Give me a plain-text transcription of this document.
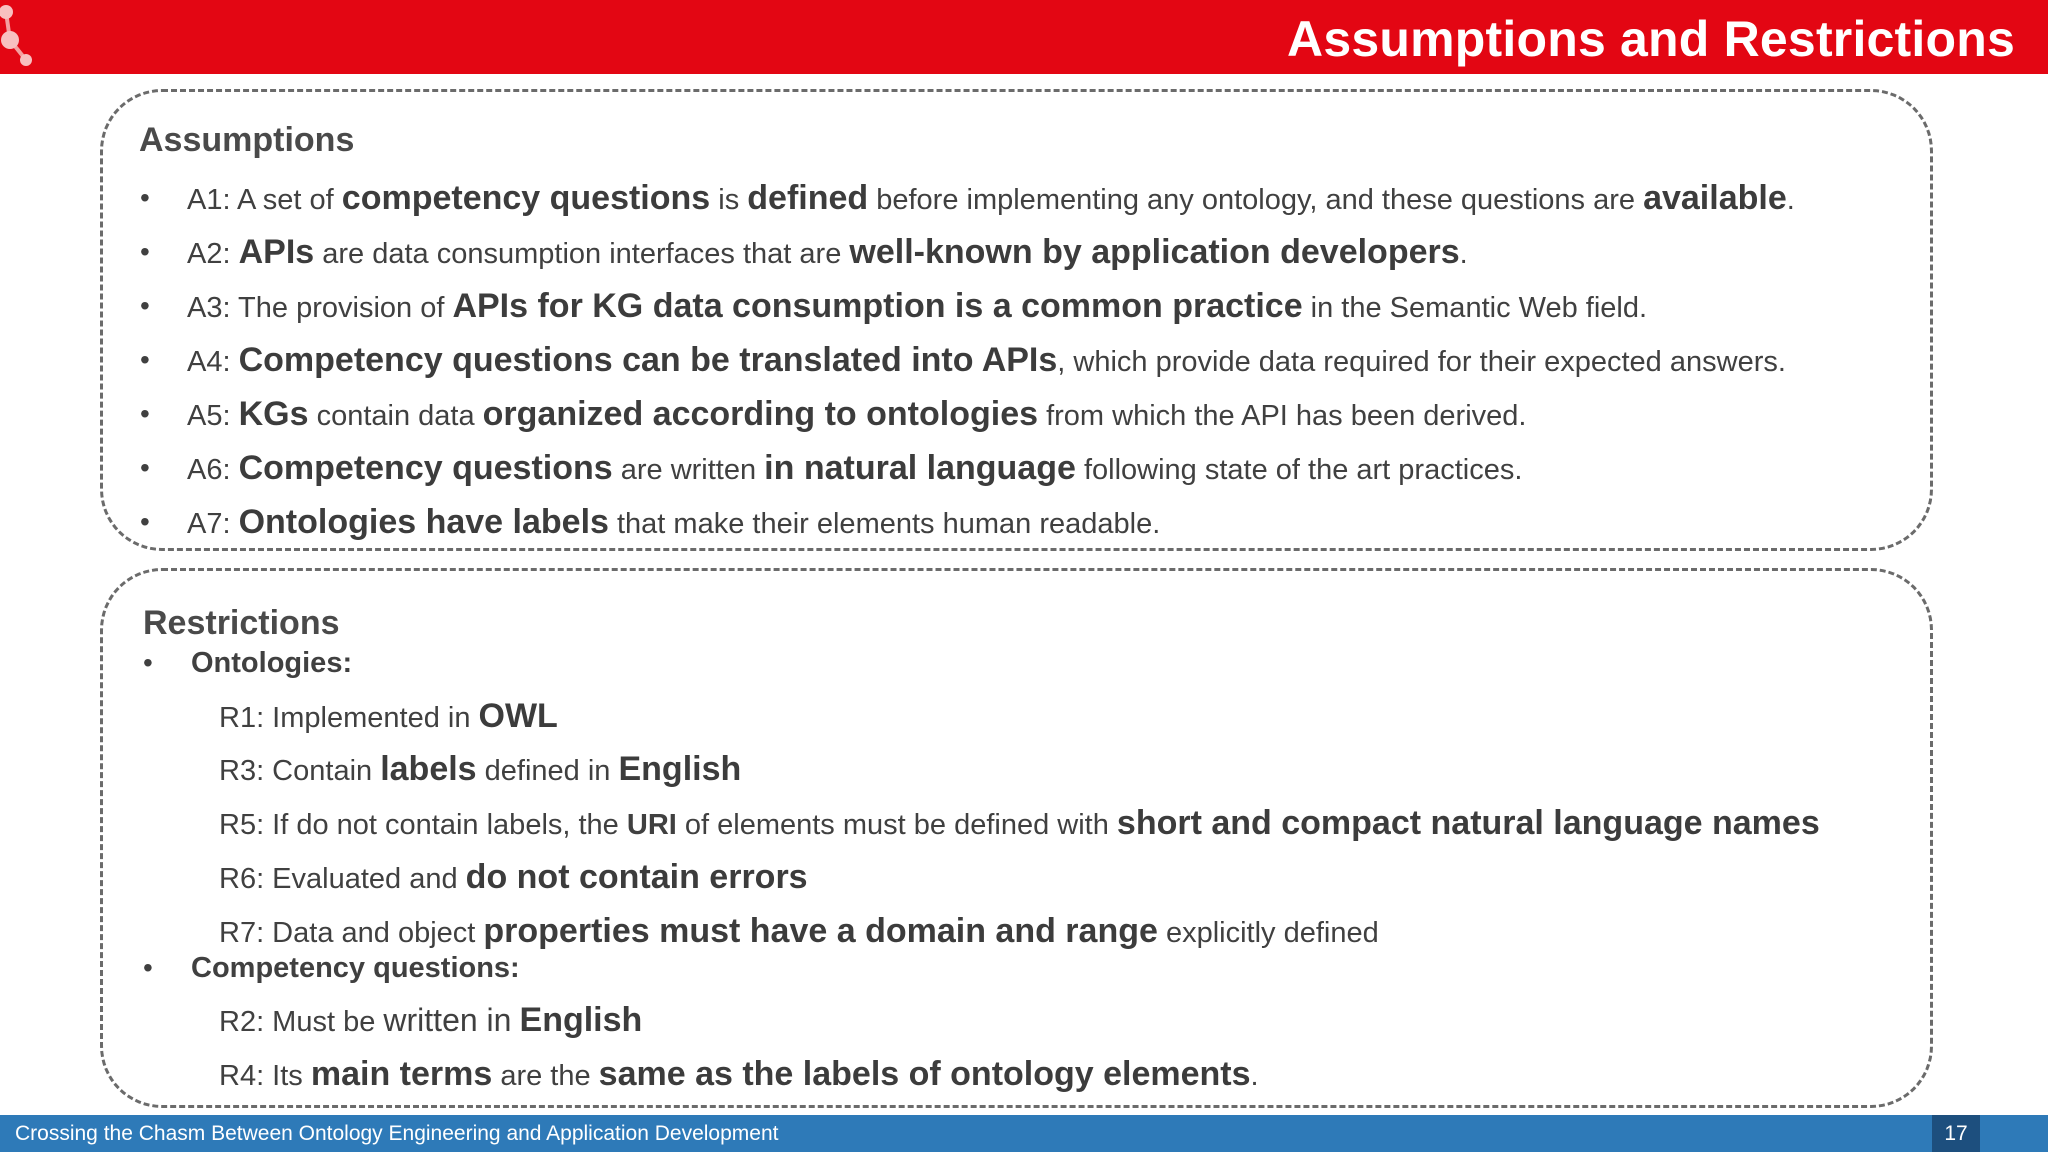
Assumptions and Restrictions
Assumptions
• A1: A set of competency questions is defined before implementing any ontology, and these questions are available.
• A2: APIs are data consumption interfaces that are well-known by application developers.
• A3: The provision of APIs for KG data consumption is a common practice in the Semantic Web field.
• A4: Competency questions can be translated into APIs, which provide data required for their expected answers.
• A5: KGs contain data organized according to ontologies from which the API has been derived.
• A6: Competency questions are written in natural language following state of the art practices.
• A7: Ontologies have labels that make their elements human readable.
Restrictions
• Ontologies:
R1: Implemented in OWL
R3: Contain labels defined in English
R5: If do not contain labels, the URI of elements must be defined with short and compact natural language names
R6: Evaluated and do not contain errors
R7: Data and object properties must have a domain and range explicitly defined
• Competency questions:
R2: Must be written in English
R4: Its main terms are the same as the labels of ontology elements.
Crossing the Chasm Between Ontology Engineering and Application Development	17
